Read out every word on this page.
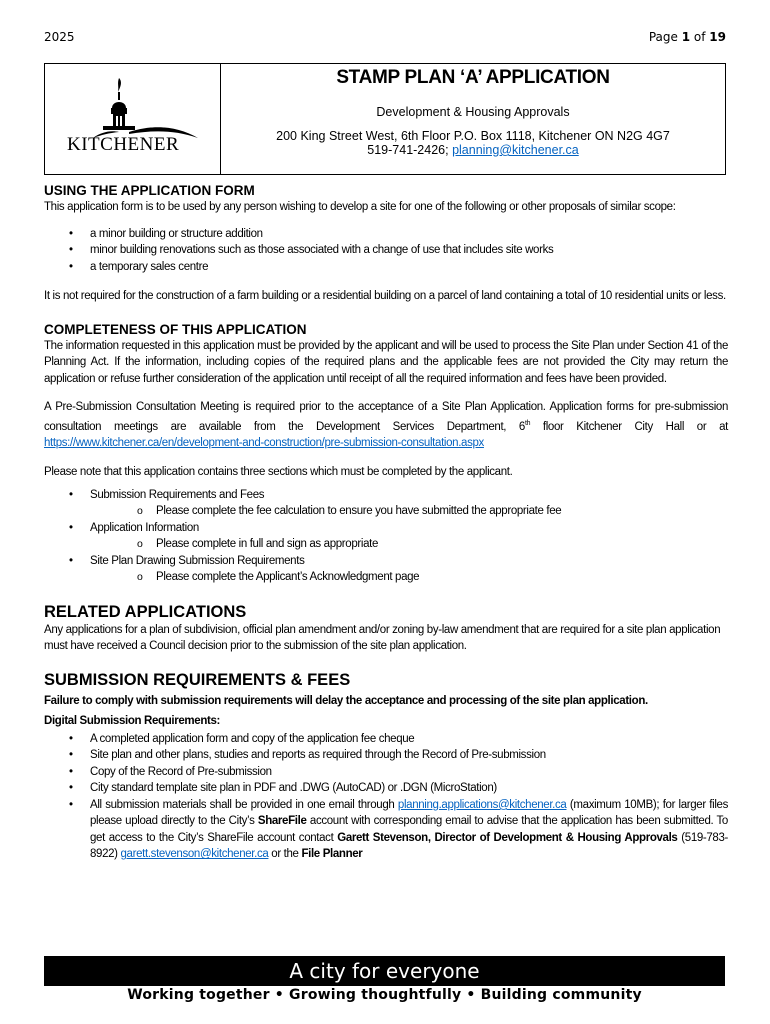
2025	Page 1 of 19
KITCHENER
STAMP PLAN ‘A’ APPLICATION
Development & Housing Approvals
200 King Street West, 6th Floor P.O. Box 1118, Kitchener ON N2G 4G7
519-741-2426; planning@kitchener.ca

USING THE APPLICATION FORM

This application form is to be used by any person wishing to develop a site for one of the following or other proposals of similar scope:

• a minor building or structure addition
• minor building renovations such as those associated with a change of use that includes site works
• a temporary sales centre

It is not required for the construction of a farm building or a residential building on a parcel of land containing a total of 10 residential units or less.

COMPLETENESS OF THIS APPLICATION

The information requested in this application must be provided by the applicant and will be used to process the Site Plan under Section 41 of the Planning Act. If the information, including copies of the required plans and the applicable fees are not provided the City may return the application or refuse further consideration of the application until receipt of all the required information and fees have been provided.

A Pre-Submission Consultation Meeting is required prior to the acceptance of a Site Plan Application. Application forms for pre-submission consultation meetings are available from the Development Services Department, 6th floor Kitchener City Hall or at https://www.kitchener.ca/en/development-and-construction/pre-submission-consultation.aspx

Please note that this application contains three sections which must be completed by the applicant.

• Submission Requirements and Fees
o Please complete the fee calculation to ensure you have submitted the appropriate fee
• Application Information
o Please complete in full and sign as appropriate
• Site Plan Drawing Submission Requirements
o Please complete the Applicant’s Acknowledgment page

RELATED APPLICATIONS

Any applications for a plan of subdivision, official plan amendment and/or zoning by-law amendment that are required for a site plan application must have received a Council decision prior to the submission of the site plan application.

SUBMISSION REQUIREMENTS & FEES

Failure to comply with submission requirements will delay the acceptance and processing of the site plan application.

Digital Submission Requirements:

• A completed application form and copy of the application fee cheque
• Site plan and other plans, studies and reports as required through the Record of Pre-submission
• Copy of the Record of Pre-submission
• City standard template site plan in PDF and .DWG (AutoCAD) or .DGN (MicroStation)
• All submission materials shall be provided in one email through planning.applications@kitchener.ca (maximum 10MB); for larger files please upload directly to the City’s ShareFile account with corresponding email to advise that the application has been submitted. To get access to the City’s ShareFile account contact Garett Stevenson, Director of Development & Housing Approvals (519-783-8922) garett.stevenson@kitchener.ca or the File Planner
A city for everyone
Working together • Growing thoughtfully • Building community
